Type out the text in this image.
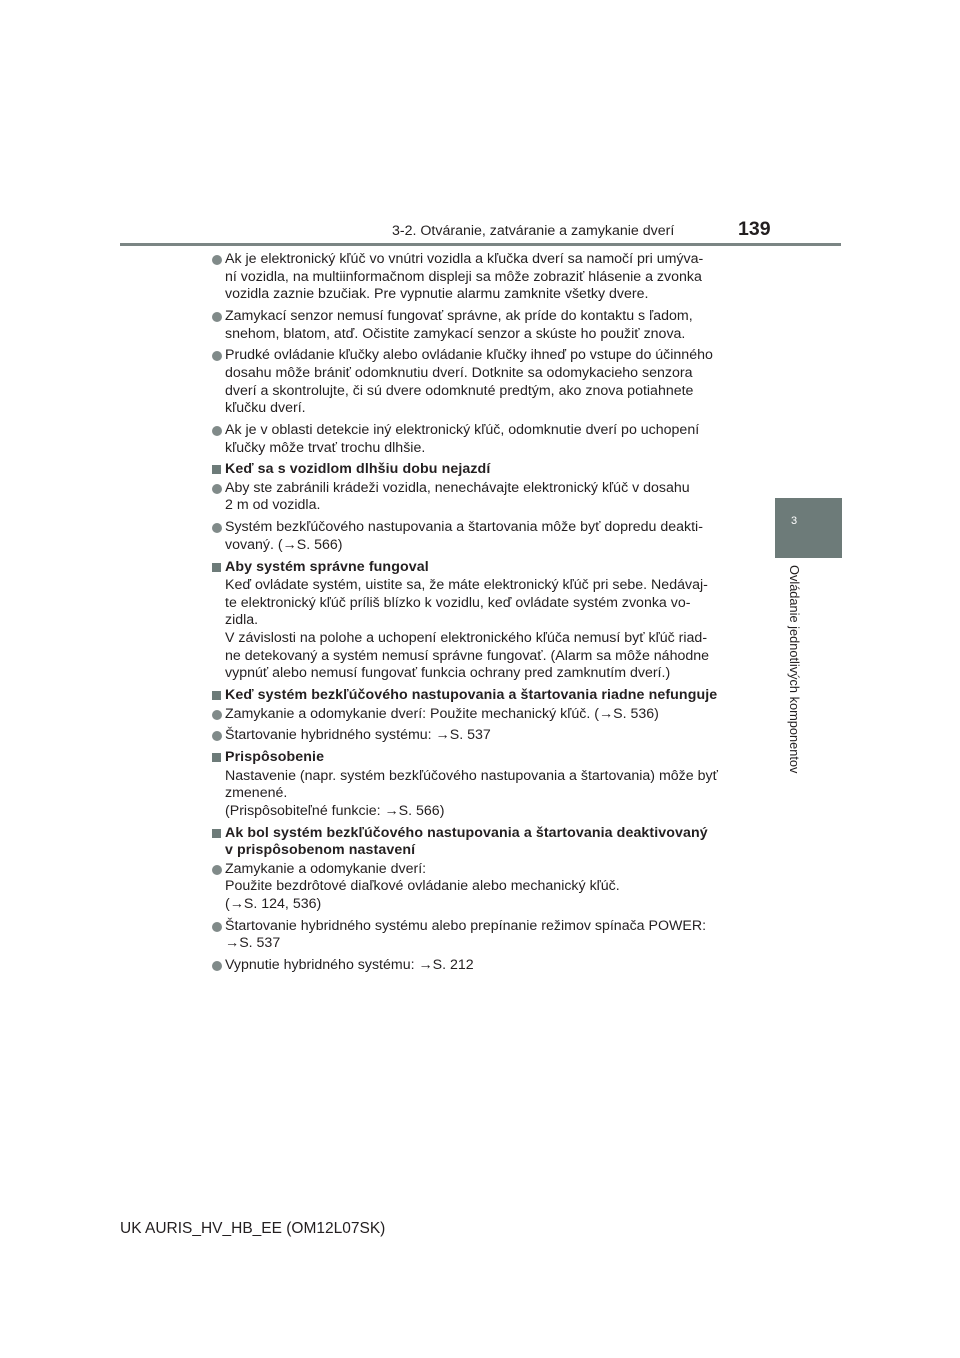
3-2. Otváranie, zatváranie a zamykanie dverí	139
3
Ovládanie jednotlivých komponentov
Ak je elektronický kľúč vo vnútri vozidla a kľučka dverí sa namočí pri umýva-
ní vozidla, na multiinformačnom displeji sa môže zobraziť hlásenie a zvonka
vozidla zaznie bzučiak. Pre vypnutie alarmu zamknite všetky dvere.
Zamykací senzor nemusí fungovať správne, ak príde do kontaktu s ľadom,
snehom, blatom, atď. Očistite zamykací senzor a skúste ho použiť znova.
Prudké ovládanie kľučky alebo ovládanie kľučky ihneď po vstupe do účinného
dosahu môže brániť odomknutiu dverí. Dotknite sa odomykacieho senzora
dverí a skontrolujte, či sú dvere odomknuté predtým, ako znova potiahnete
kľučku dverí.
Ak je v oblasti detekcie iný elektronický kľúč, odomknutie dverí po uchopení
kľučky môže trvať trochu dlhšie.
Keď sa s vozidlom dlhšiu dobu nejazdí
Aby ste zabránili krádeži vozidla, nenechávajte elektronický kľúč v dosahu
2 m od vozidla.
Systém bezkľúčového nastupovania a štartovania môže byť dopredu deakti-
vovaný. (→S. 566)
Aby systém správne fungoval
Keď ovládate systém, uistite sa, že máte elektronický kľúč pri sebe. Nedávaj-
te elektronický kľúč príliš blízko k vozidlu, keď ovládate systém zvonka vo-
zidla.
V závislosti na polohe a uchopení elektronického kľúča nemusí byť kľúč riad-
ne detekovaný a systém nemusí správne fungovať. (Alarm sa môže náhodne
vypnúť alebo nemusí fungovať funkcia ochrany pred zamknutím dverí.)
Keď systém bezkľúčového nastupovania a štartovania riadne nefunguje
Zamykanie a odomykanie dverí: Použite mechanický kľúč. (→S. 536)
Štartovanie hybridného systému: →S. 537
Prispôsobenie
Nastavenie (napr. systém bezkľúčového nastupovania a štartovania) môže byť
zmenené.
(Prispôsobiteľné funkcie: →S. 566)
Ak bol systém bezkľúčového nastupovania a štartovania deaktivovaný
v prispôsobenom nastavení
Zamykanie a odomykanie dverí:
Použite bezdrôtové diaľkové ovládanie alebo mechanický kľúč.
(→S. 124, 536)
Štartovanie hybridného systému alebo prepínanie režimov spínača POWER:
→S. 537
Vypnutie hybridného systému: →S. 212
UK AURIS_HV_HB_EE (OM12L07SK)
